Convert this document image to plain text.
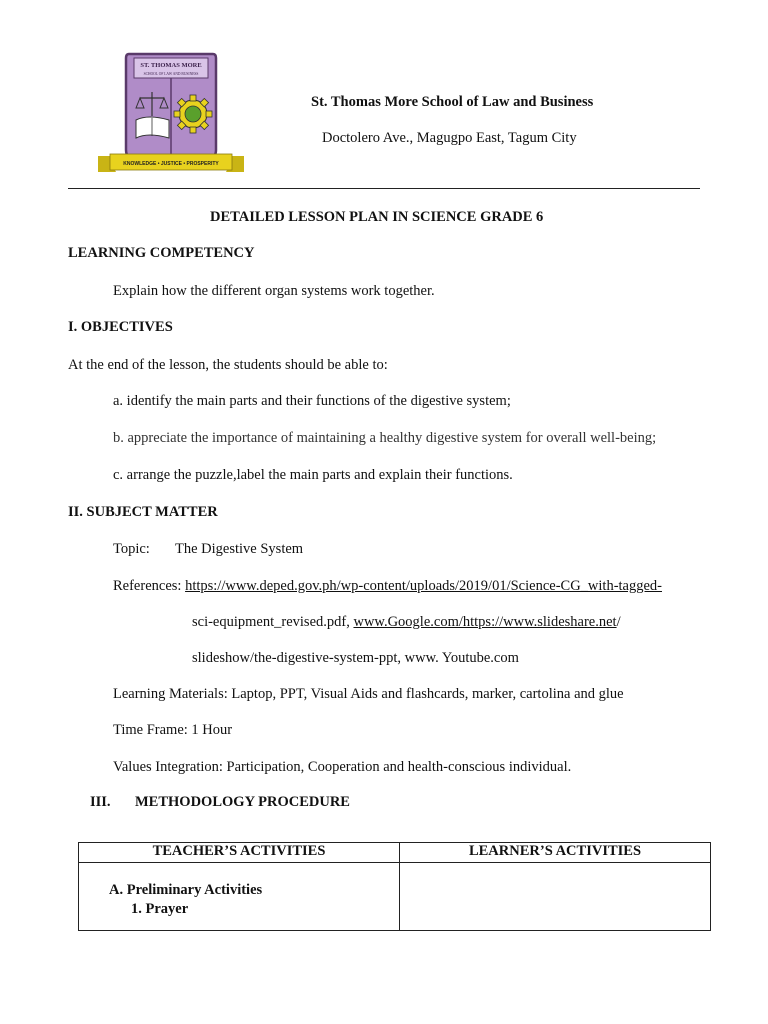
ST. THOMAS MORE
SCHOOL OF LAW AND BUSINESS
KNOWLEDGE • JUSTICE • PROSPERITY
St. Thomas More School of Law and Business
Doctolero Ave., Magugpo East, Tagum City
DETAILED LESSON PLAN IN SCIENCE GRADE 6
LEARNING COMPETENCY
Explain how the different organ systems work together.
I. OBJECTIVES
At the end of the lesson, the students should be able to:
a. identify the main parts and their functions of the digestive system;
b. appreciate the importance of maintaining a healthy digestive system for overall well-being;
c. arrange the puzzle,label the main parts and explain their functions.
II. SUBJECT MATTER
Topic: The Digestive System
References: https://www.deped.gov.ph/wp-content/uploads/2019/01/Science-CG_with-tagged-
sci-equipment_revised.pdf, www.Google.com/https://www.slideshare.net/
slideshow/the-digestive-system-ppt, www. Youtube.com
Learning Materials: Laptop, PPT, Visual Aids and flashcards, marker, cartolina and glue
Time Frame: 1 Hour
Values Integration: Participation, Cooperation and health-conscious individual.
III. METHODOLOGY PROCEDURE
TEACHER’S ACTIVITIES	LEARNER’S ACTIVITIES

A. Preliminary Activities
1. Prayer	
